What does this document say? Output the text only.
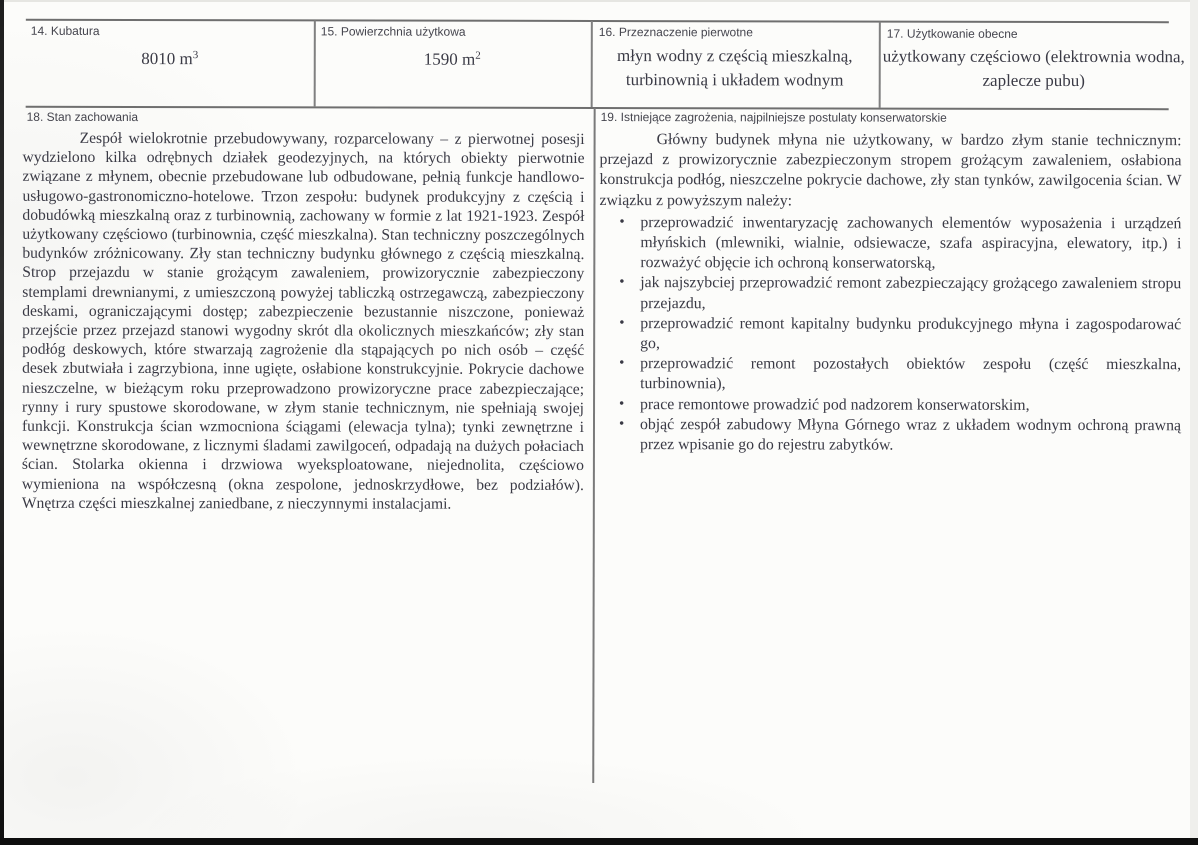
14. Kubatura
8010 $m^3$
15. Powierzchnia użytkowa
1590 $m^2$
16. Przeznaczenie pierwotne
młyn wodny z częścią mieszkalną, turbinownią i układem wodnym
17. Użytkowanie obecne
użytkowany częściowo (elektrownia wodna, zaplecze pubu)
18. Stan zachowania
Zespół wielokrotnie przebudowywany, rozparcelowany – z pierwotnej posesji wydzielono kilka odrębnych działek geodezyjnych, na których obiekty pierwotnie związane z młynem, obecnie przebudowane lub odbudowane, pełnią funkcje handlowo-usługowo-gastronomiczno-hotelowe. Trzon zespołu: budynek produkcyjny z częścią i dobudówką mieszkalną oraz z turbinownią, zachowany w formie z lat 1921-1923. Zespół użytkowany częściowo (turbinownia, część mieszkalna). Stan techniczny poszczególnych budynków zróżnicowany. Zły stan techniczny budynku głównego z częścią mieszkalną. Strop przejazdu w stanie grożącym zawaleniem, prowizorycznie zabezpieczony stemplami drewnianymi, z umieszczoną powyżej tabliczką ostrzegawczą, zabezpieczony deskami, ograniczającymi dostęp; zabezpieczenie bezustannie niszczone, ponieważ przejście przez przejazd stanowi wygodny skrót dla okolicznych mieszkańców; zły stan podłóg deskowych, które stwarzają zagrożenie dla stąpających po nich osób – część desek zbutwiała i zagrzybiona, inne ugięte, osłabione konstrukcyjnie. Pokrycie dachowe nieszczelne, w bieżącym roku przeprowadzono prowizoryczne prace zabezpieczające; rynny i rury spustowe skorodowane, w złym stanie technicznym, nie spełniają swojej funkcji. Konstrukcja ścian wzmocniona ściągami (elewacja tylna); tynki zewnętrzne i wewnętrzne skorodowane, z licznymi śladami zawilgoceń, odpadają na dużych połaciach ścian. Stolarka okienna i drzwiowa wyeksploatowane, niejednolita, częściowo wymieniona na współczesną (okna zespolone, jednoskrzydłowe, bez podziałów). Wnętrza części mieszkalnej zaniedbane, z nieczynnymi instalacjami.

Główny budynek młyna nie użytkowany, w bardzo złym stanie technicznym: przejazd z prowizorycznie zabezpieczonym stropem grożącym zawaleniem, osłabiona konstrukcja podłóg, nieszczelne pokrycie dachowe, zły stan tynków, zawilgocenia ścian. W związku z powyższym należy:

• przeprowadzić inwentaryzację zachowanych elementów wyposażenia i urządzeń młyńskich (mlewniki, wialnie, odsiewacze, szafa aspiracyjna, elewatory, itp.) i rozważyć objęcie ich ochroną konserwatorską,
• jak najszybciej przeprowadzić remont zabezpieczający grożącego zawaleniem stropu przejazdu,
• przeprowadzić remont kapitalny budynku produkcyjnego młyna i zagospodarować go,
• przeprowadzić remont pozostałych obiektów zespołu (część mieszkalna, turbinownia),
• prace remontowe prowadzić pod nadzorem konserwatorskim,
• objąć zespół zabudowy Młyna Górnego wraz z układem wodnym ochroną prawną przez wpisanie go do rejestru zabytków.
19. Istniejące zagrożenia, najpilniejsze postulaty konserwatorskie
